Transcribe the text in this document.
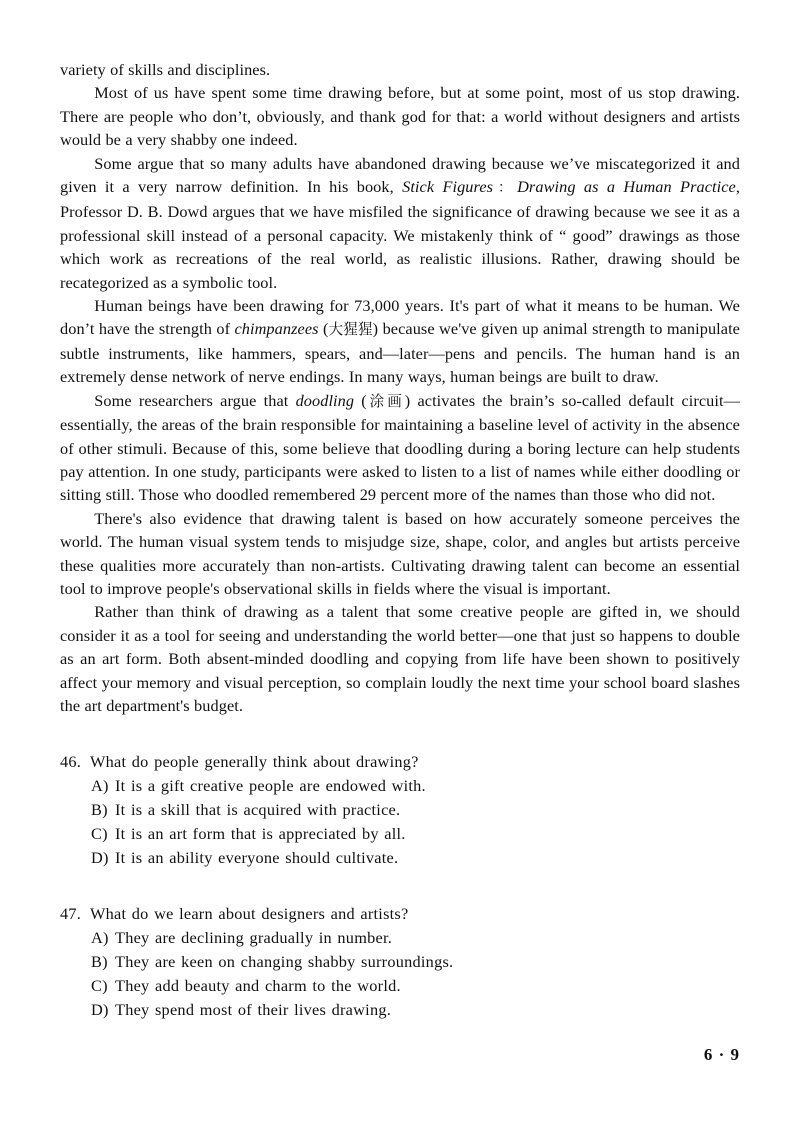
variety of skills and disciplines.

Most of us have spent some time drawing before, but at some point, most of us stop drawing. There are people who don’t, obviously, and thank god for that: a world without designers and artists would be a very shabby one indeed.

Some argue that so many adults have abandoned drawing because we’ve miscategorized it and given it a very narrow definition. In his book, Stick Figures：Drawing as a Human Practice, Professor D. B. Dowd argues that we have misfiled the significance of drawing because we see it as a professional skill instead of a personal capacity. We mistakenly think of “ good” drawings as those which work as recreations of the real world, as realistic illusions. Rather, drawing should be recategorized as a symbolic tool.

Human beings have been drawing for 73,000 years. It's part of what it means to be human. We don’t have the strength of chimpanzees (大猩猩) because we've given up animal strength to manipulate subtle instruments, like hammers, spears, and—later—pens and pencils. The human hand is an extremely dense network of nerve endings. In many ways, human beings are built to draw.

Some researchers argue that doodling (涂画) activates the brain’s so-called default circuit—essentially, the areas of the brain responsible for maintaining a baseline level of activity in the absence of other stimuli. Because of this, some believe that doodling during a boring lecture can help students pay attention. In one study, participants were asked to listen to a list of names while either doodling or sitting still. Those who doodled remembered 29 percent more of the names than those who did not.

There's also evidence that drawing talent is based on how accurately someone perceives the world. The human visual system tends to misjudge size, shape, color, and angles but artists perceive these qualities more accurately than non-artists. Cultivating drawing talent can become an essential tool to improve people's observational skills in fields where the visual is important.

Rather than think of drawing as a talent that some creative people are gifted in, we should consider it as a tool for seeing and understanding the world better—one that just so happens to double as an art form. Both absent-minded doodling and copying from life have been shown to positively affect your memory and visual perception, so complain loudly the next time your school board slashes the art department's budget.

46. What do people generally think about drawing?
A) It is a gift creative people are endowed with.
B) It is a skill that is acquired with practice.
C) It is an art form that is appreciated by all.
D) It is an ability everyone should cultivate.
47. What do we learn about designers and artists?
A) They are declining gradually in number.
B) They are keen on changing shabby surroundings.
C) They add beauty and charm to the world.
D) They spend most of their lives drawing.
6 · 9
